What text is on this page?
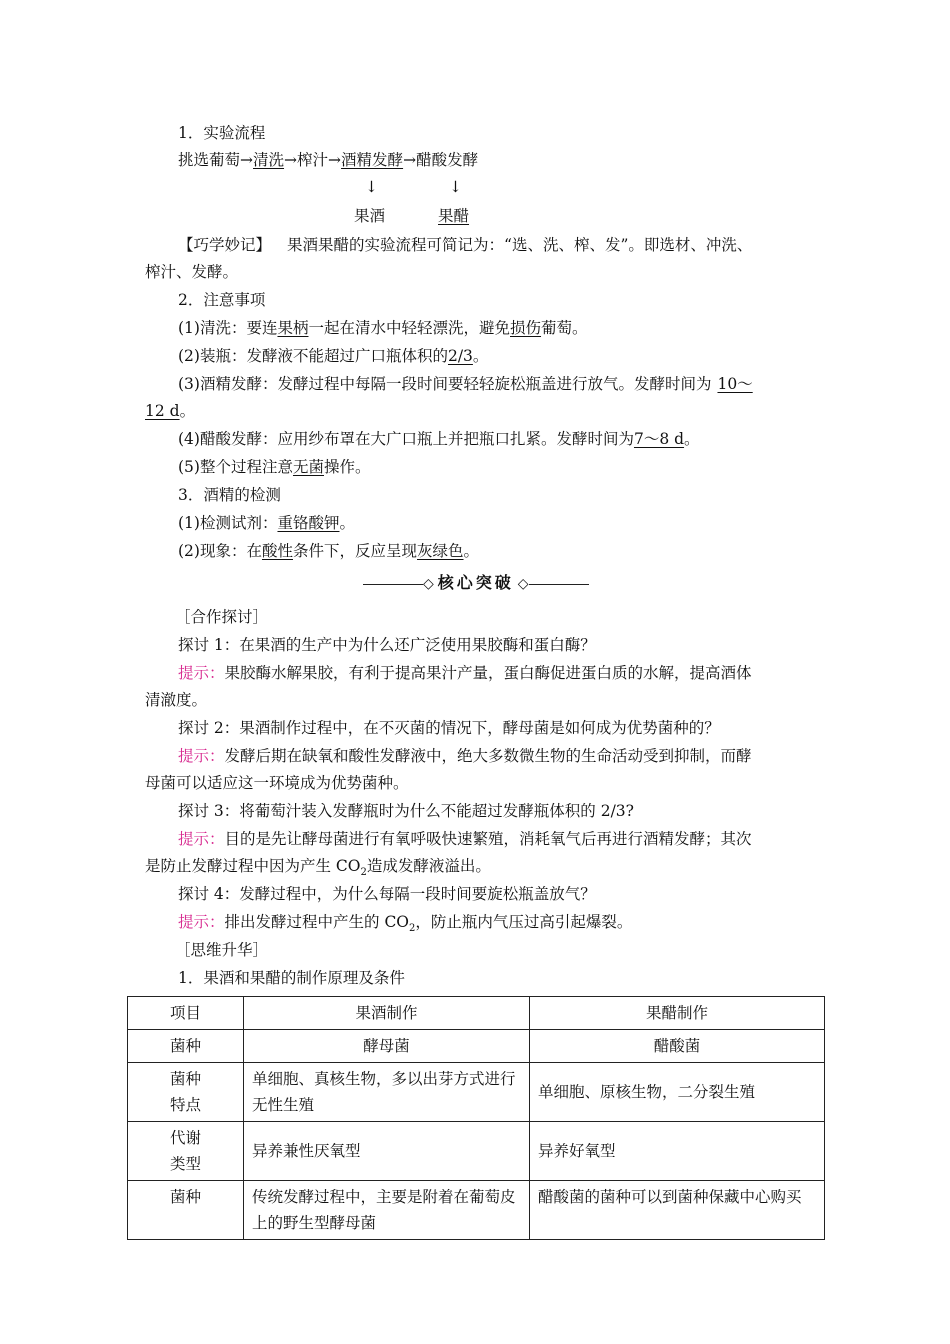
1．实验流程
挑选葡萄→清洗→榨汁→酒精发酵→醋酸发酵
↓	↓
果酒	果醋
【巧学妙记】 果酒果醋的实验流程可简记为：“选、洗、榨、发”。即选材、冲洗、
榨汁、发酵。
2．注意事项
(1)清洗：要连果柄一起在清水中轻轻漂洗，避免损伤葡萄。
(2)装瓶：发酵液不能超过广口瓶体积的2/3。
(3)酒精发酵：发酵过程中每隔一段时间要轻轻旋松瓶盖进行放气。发酵时间为 10～
12 d。
(4)醋酸发酵：应用纱布罩在大广口瓶上并把瓶口扎紧。发酵时间为7～8 d。
(5)整个过程注意无菌操作。
3．酒精的检测
(1)检测试剂：重铬酸钾。
(2)现象：在酸性条件下，反应呈现灰绿色。
◇ 核心突破 ◇
［合作探讨］
探讨 1：在果酒的生产中为什么还广泛使用果胶酶和蛋白酶？
提示：果胶酶水解果胶，有利于提高果汁产量，蛋白酶促进蛋白质的水解，提高酒体
清澈度。
探讨 2：果酒制作过程中，在不灭菌的情况下，酵母菌是如何成为优势菌种的？
提示：发酵后期在缺氧和酸性发酵液中，绝大多数微生物的生命活动受到抑制，而酵
母菌可以适应这一环境成为优势菌种。
探讨 3：将葡萄汁装入发酵瓶时为什么不能超过发酵瓶体积的 2/3?
提示：目的是先让酵母菌进行有氧呼吸快速繁殖，消耗氧气后再进行酒精发酵；其次
是防止发酵过程中因为产生 $CO_2$造成发酵液溢出。
探讨 4：发酵过程中，为什么每隔一段时间要旋松瓶盖放气？
提示：排出发酵过程中产生的 $CO_2$，防止瓶内气压过高引起爆裂。
［思维升华］
1．果酒和果醋的制作原理及条件
项目	果酒制作	果醋制作
菌种	酵母菌	醋酸菌
菌种
特点	单细胞、真核生物，多以出芽方式进行无性生殖	单细胞、原核生物，二分裂生殖
代谢
类型	异养兼性厌氧型	异养好氧型
菌种	传统发酵过程中，主要是附着在葡萄皮上的野生型酵母菌	醋酸菌的菌种可以到菌种保藏中心购买
